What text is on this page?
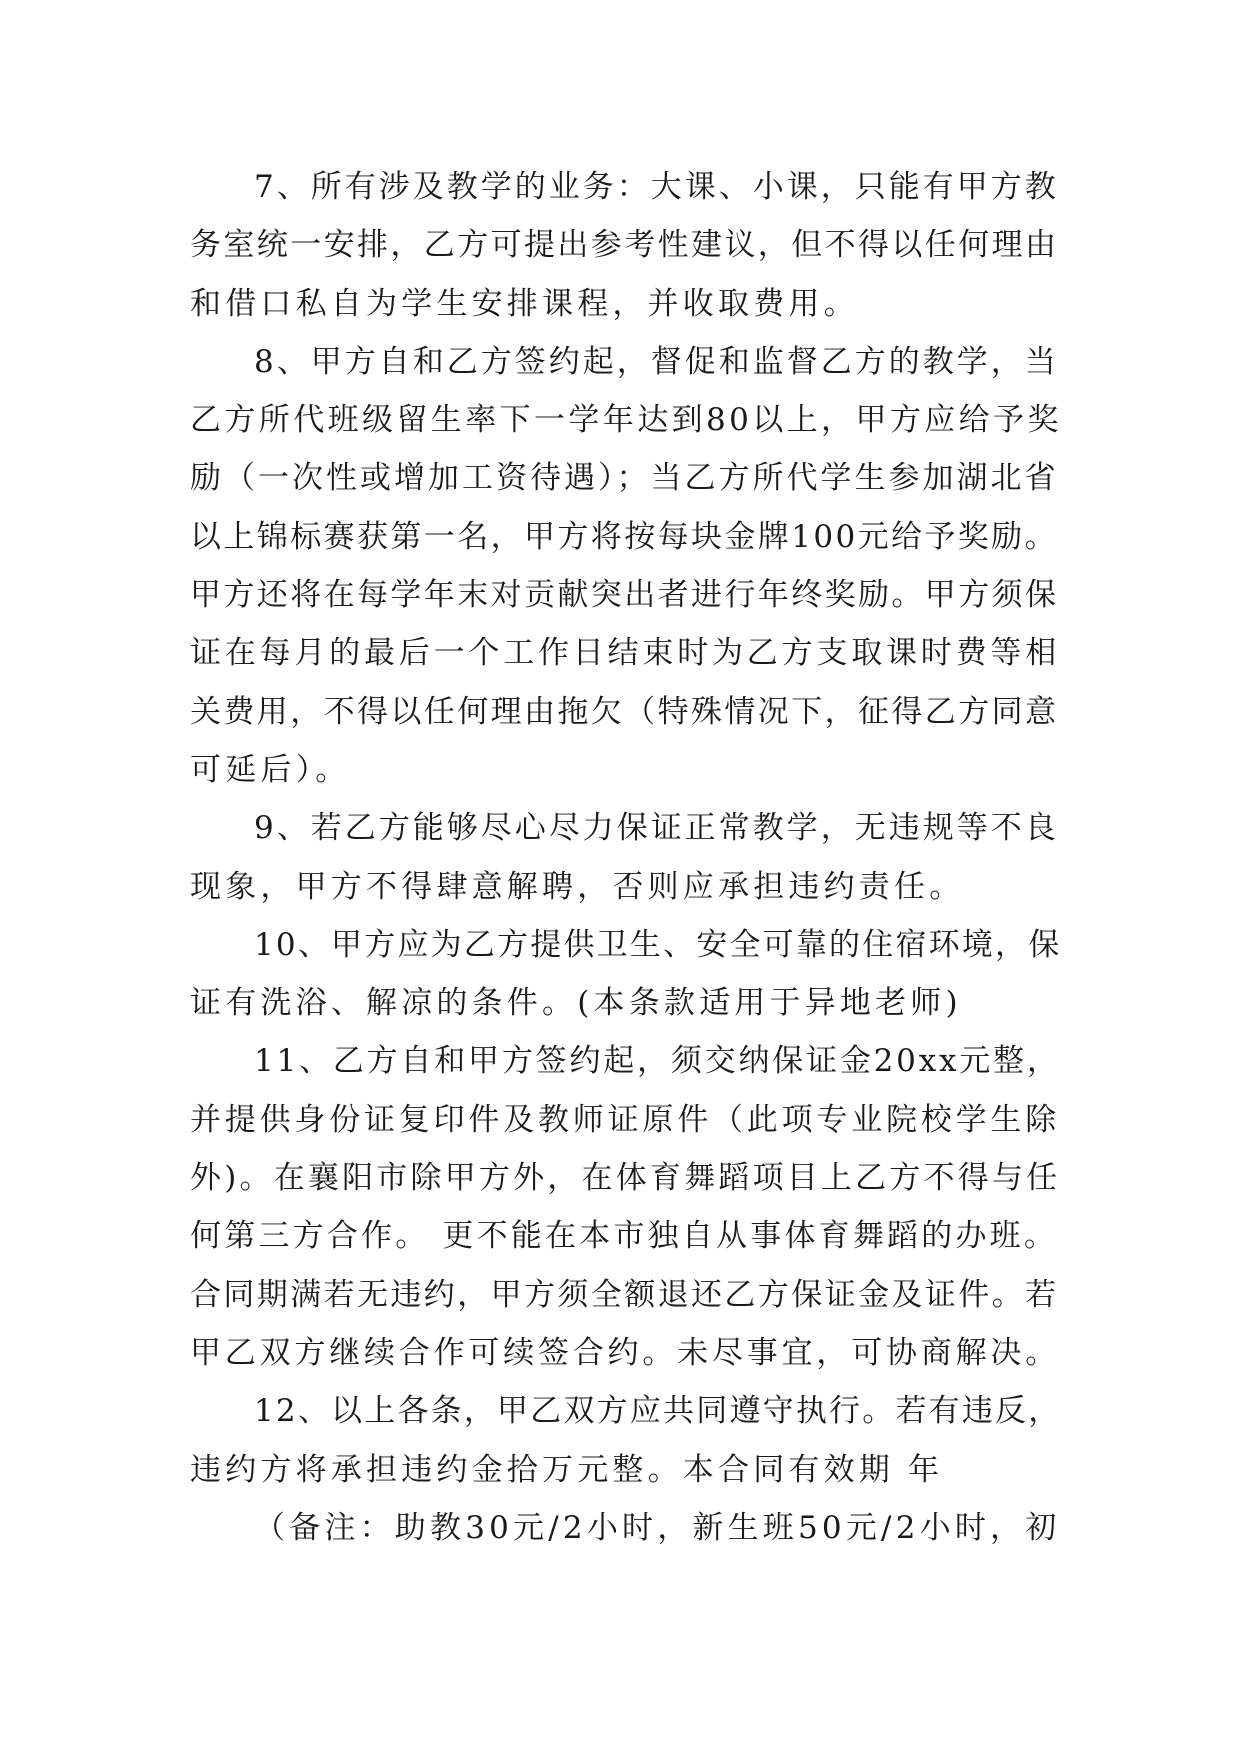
7、所有涉及教学的业务：大课、小课，只能有甲方教
务室统一安排，乙方可提出参考性建议，但不得以任何理由
和借口私自为学生安排课程，并收取费用。
8、甲方自和乙方签约起，督促和监督乙方的教学，当
乙方所代班级留生率下一学年达到80以上，甲方应给予奖
励（一次性或增加工资待遇）；当乙方所代学生参加湖北省
以上锦标赛获第一名，甲方将按每块金牌100元给予奖励。
甲方还将在每学年末对贡献突出者进行年终奖励。甲方须保
证在每月的最后一个工作日结束时为乙方支取课时费等相
关费用，不得以任何理由拖欠（特殊情况下，征得乙方同意
可延后）。
9、若乙方能够尽心尽力保证正常教学，无违规等不良
现象，甲方不得肆意解聘，否则应承担违约责任。
10、甲方应为乙方提供卫生、安全可靠的住宿环境，保
证有洗浴、解凉的条件。(本条款适用于异地老师)
11、乙方自和甲方签约起，须交纳保证金20xx元整，
并提供身份证复印件及教师证原件（此项专业院校学生除
外)。在襄阳市除甲方外，在体育舞蹈项目上乙方不得与任
何第三方合作。 更不能在本市独自从事体育舞蹈的办班。
合同期满若无违约，甲方须全额退还乙方保证金及证件。若
甲乙双方继续合作可续签合约。未尽事宜，可协商解决。
12、以上各条，甲乙双方应共同遵守执行。若有违反，
违约方将承担违约金拾万元整。本合同有效期 年
（备注：助教30元/2小时，新生班50元/2小时，初
